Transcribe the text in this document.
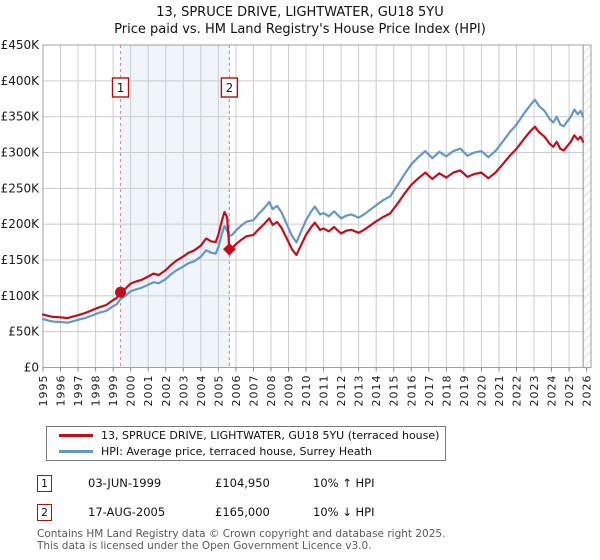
13, SPRUCE DRIVE, LIGHTWATER, GU18 5YU
Price paid vs. HM Land Registry's House Price Index (HPI)
1995 1996 1997 1998 1999 2000 2001 2002 2003 2004 2005 2006 2007 2008 2009 2010 2011 2012 2013 2014 2015 2016 2017 2018 2019 2020 2021 2022 2023 2024 2025 2026
£0
£50K
£100K
£150K
£200K
£250K
£300K
£350K
£400K
£450K
1	2
13, SPRUCE DRIVE, LIGHTWATER, GU18 5YU (terraced house)
HPI: Average price, terraced house, Surrey Heath
1	03-JUN-1999	£104,950	10% ↑ HPI
2	17-AUG-2005	£165,000	10% ↓ HPI
Contains HM Land Registry data © Crown copyright and database right 2025.
This data is licensed under the Open Government Licence v3.0.
